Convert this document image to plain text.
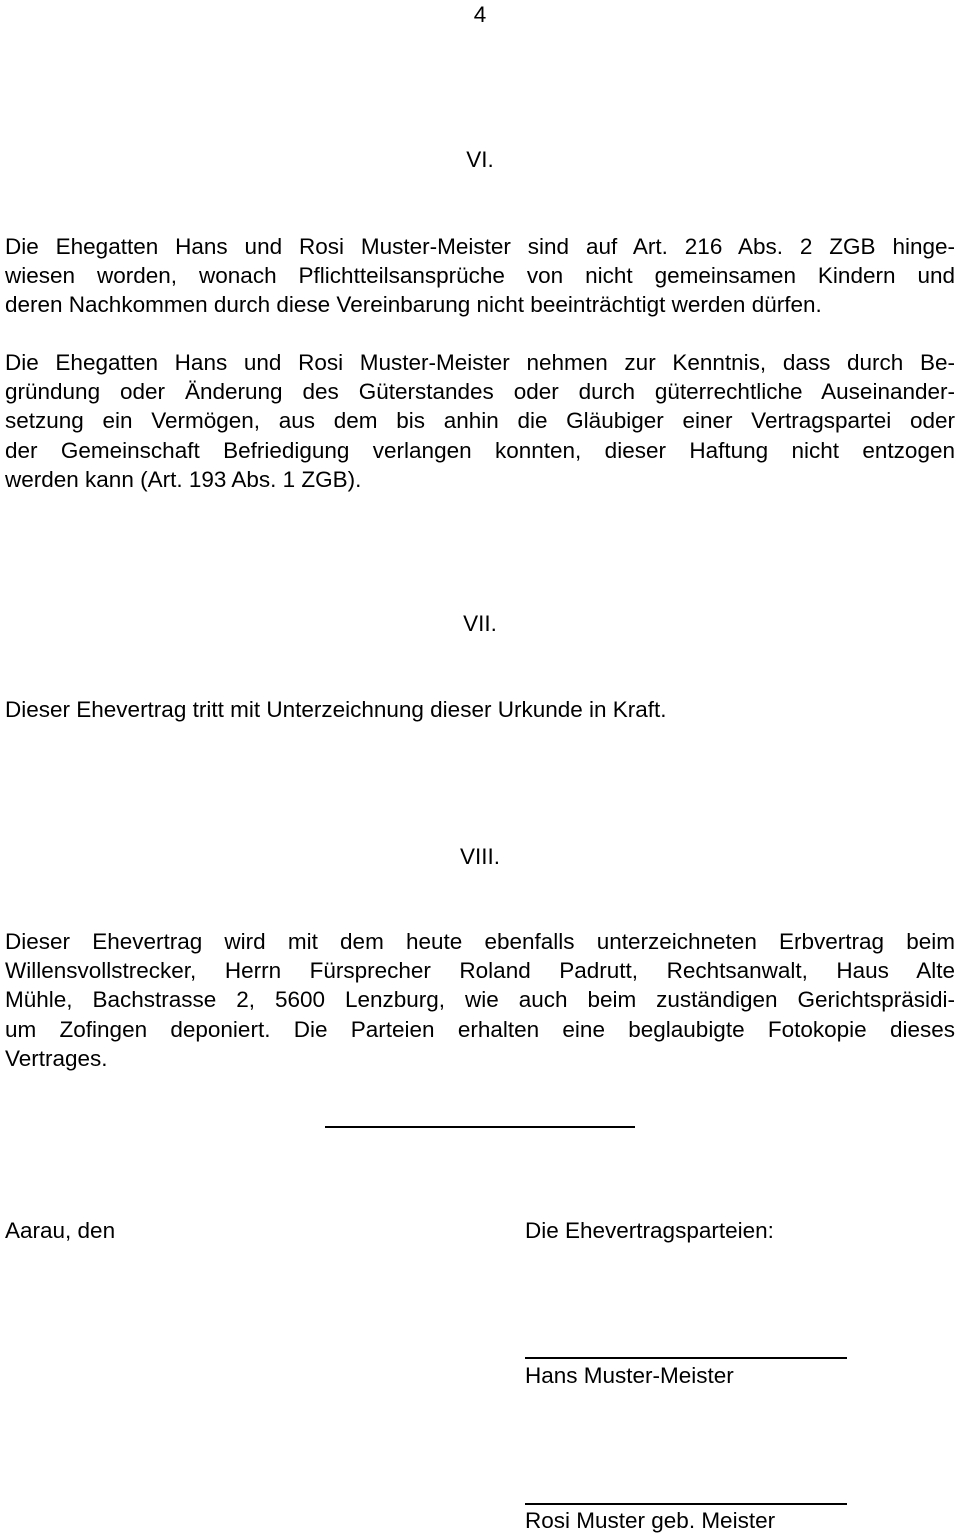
4
VI.
Die Ehegatten Hans und Rosi Muster-Meister sind auf Art. 216 Abs. 2 ZGB hinge-
wiesen worden, wonach Pflichtteilsansprüche von nicht gemeinsamen Kindern und
deren Nachkommen durch diese Vereinbarung nicht beeinträchtigt werden dürfen.
Die Ehegatten Hans und Rosi Muster-Meister nehmen zur Kenntnis, dass durch Be-
gründung oder Änderung des Güterstandes oder durch güterrechtliche Auseinander-
setzung ein Vermögen, aus dem bis anhin die Gläubiger einer Vertragspartei oder
der Gemeinschaft Befriedigung verlangen konnten, dieser Haftung nicht entzogen
werden kann (Art. 193 Abs. 1 ZGB).
VII.
Dieser Ehevertrag tritt mit Unterzeichnung dieser Urkunde in Kraft.
VIII.
Dieser Ehevertrag wird mit dem heute ebenfalls unterzeichneten Erbvertrag beim
Willensvollstrecker, Herrn Fürsprecher Roland Padrutt, Rechtsanwalt, Haus Alte
Mühle, Bachstrasse 2, 5600 Lenzburg, wie auch beim zuständigen Gerichtspräsidi-
um Zofingen deponiert. Die Parteien erhalten eine beglaubigte Fotokopie dieses
Vertrages.
Aarau, den	Die Ehevertragsparteien:
Hans Muster-Meister
Rosi Muster geb. Meister
